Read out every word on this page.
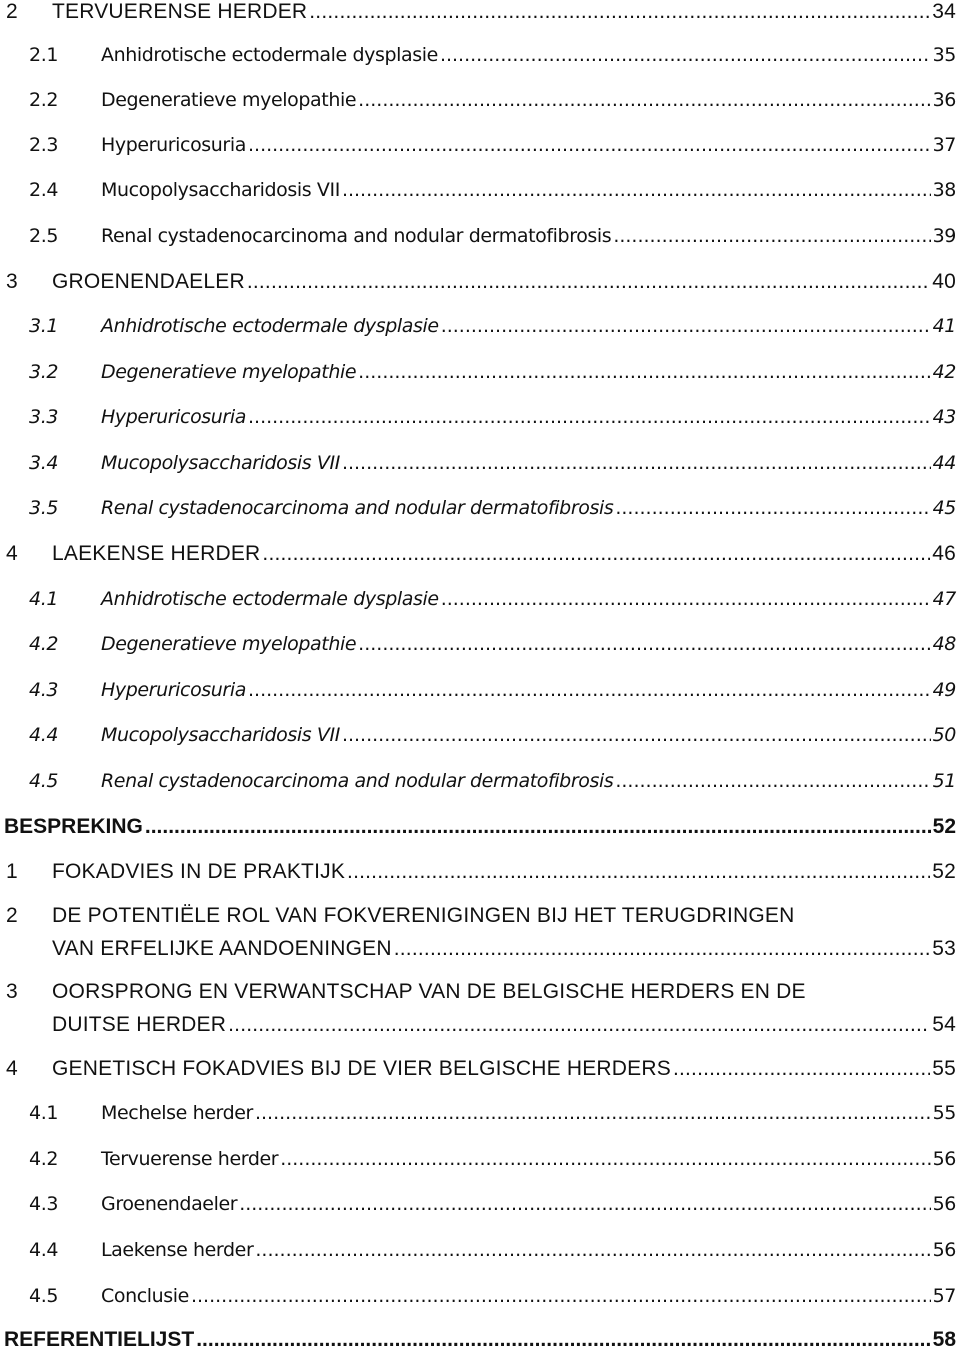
2 TERVUERENSE HERDER .....	34
2.1 Anhidrotische ectodermale dysplasie .....	35
2.2 Degeneratieve myelopathie .....	36
2.3 Hyperuricosuria .....	37
2.4 Mucopolysaccharidosis VII .....	38
2.5 Renal cystadenocarcinoma and nodular dermatofibrosis .....	39
3 GROENENDAELER .....	40
3.1 Anhidrotische ectodermale dysplasie .....	41
3.2 Degeneratieve myelopathie .....	42
3.3 Hyperuricosuria .....	43
3.4 Mucopolysaccharidosis VII .....	44
3.5 Renal cystadenocarcinoma and nodular dermatofibrosis .....	45
4 LAEKENSE HERDER .....	46
4.1 Anhidrotische ectodermale dysplasie .....	47
4.2 Degeneratieve myelopathie .....	48
4.3 Hyperuricosuria .....	49
4.4 Mucopolysaccharidosis VII .....	50
4.5 Renal cystadenocarcinoma and nodular dermatofibrosis .....	51
BESPREKING .....	52
1 FOKADVIES IN DE PRAKTIJK .....	52
2 DE POTENTIËLE ROL VAN FOKVERENIGINGEN BIJ HET TERUGDRINGEN
VAN ERFELIJKE AANDOENINGEN .....	53
3 OORSPRONG EN VERWANTSCHAP VAN DE BELGISCHE HERDERS EN DE
DUITSE HERDER .....	54
4 GENETISCH FOKADVIES BIJ DE VIER BELGISCHE HERDERS .....	55
4.1 Mechelse herder .....	55
4.2 Tervuerense herder .....	56
4.3 Groenendaeler .....	56
4.4 Laekense herder .....	56
4.5 Conclusie .....	57
REFERENTIELIJST .....	58
